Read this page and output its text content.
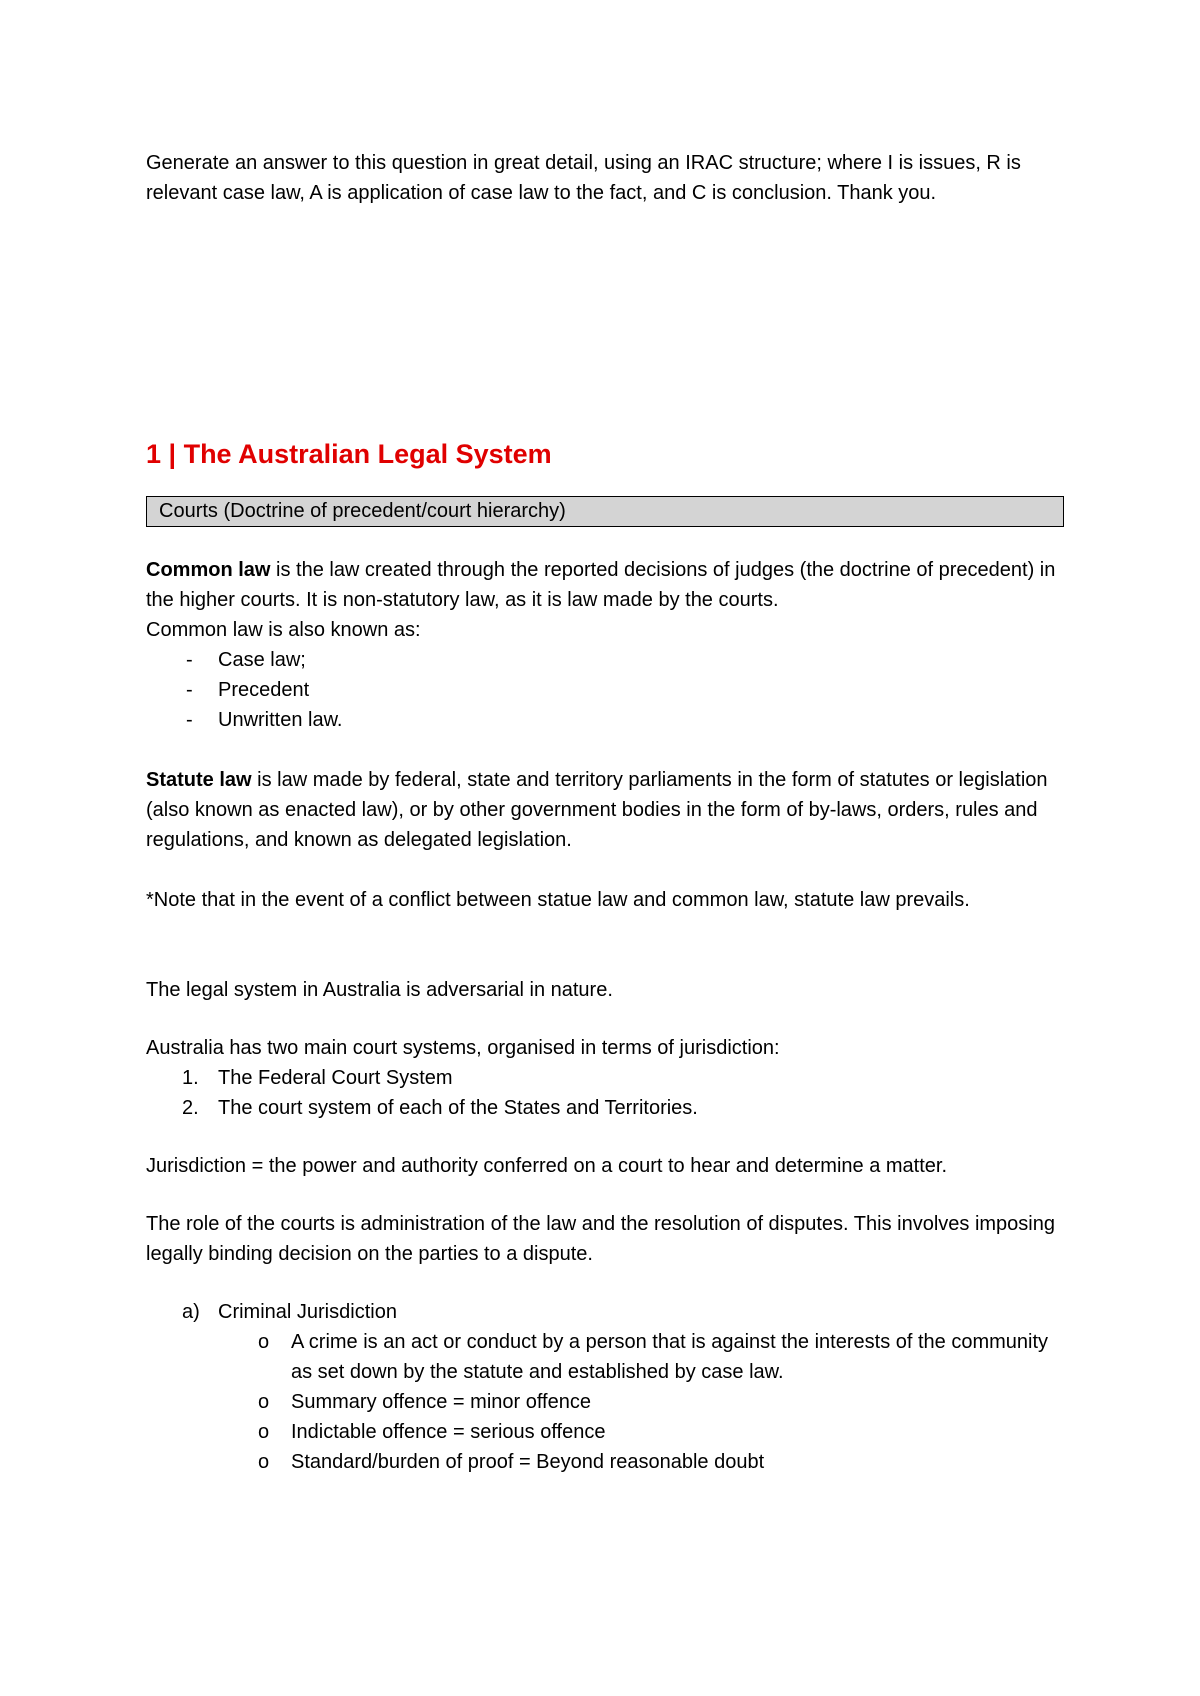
Generate an answer to this question in great detail, using an IRAC structure; where I is issues, R is relevant case law, A is application of case law to the fact, and C is conclusion. Thank you.

1 | The Australian Legal System
Courts (Doctrine of precedent/court hierarchy)

Common law is the law created through the reported decisions of judges (the doctrine of precedent) in the higher courts. It is non-statutory law, as it is law made by the courts.

Common law is also known as:

- Case law;
- Precedent
- Unwritten law.

Statute law is law made by federal, state and territory parliaments in the form of statutes or legislation (also known as enacted law), or by other government bodies in the form of by-laws, orders, rules and regulations, and known as delegated legislation.

*Note that in the event of a conflict between statue law and common law, statute law prevails.

The legal system in Australia is adversarial in nature.

Australia has two main court systems, organised in terms of jurisdiction:

1. The Federal Court System
2. The court system of each of the States and Territories.

Jurisdiction = the power and authority conferred on a court to hear and determine a matter.

The role of the courts is administration of the law and the resolution of disputes. This involves imposing legally binding decision on the parties to a dispute.

a) Criminal Jurisdiction
o A crime is an act or conduct by a person that is against the interests of the community as set down by the statute and established by case law.
o Summary offence = minor offence
o Indictable offence = serious offence
o Standard/burden of proof = Beyond reasonable doubt
